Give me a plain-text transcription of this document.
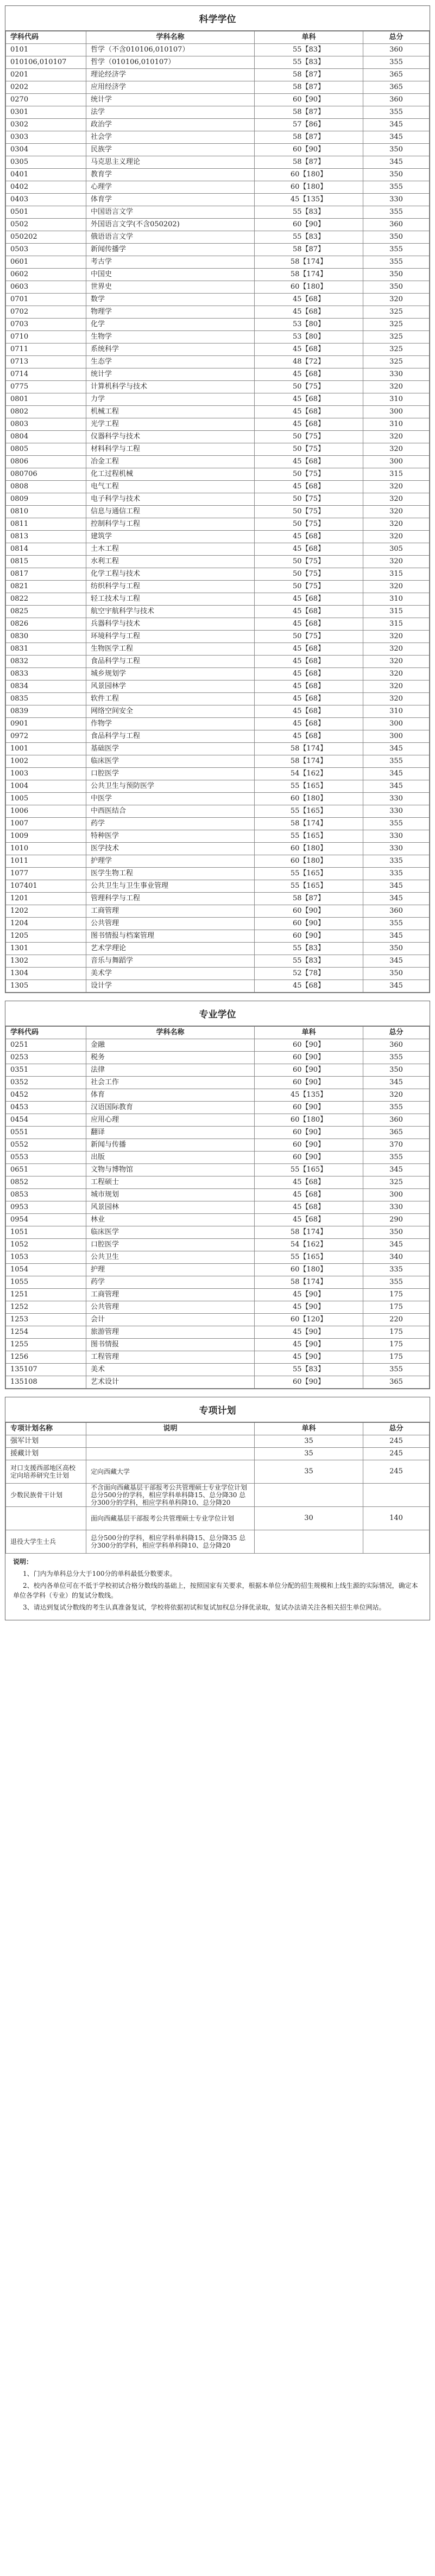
科学学位
学科代码	学科名称	单科	总分
0101	哲学（不含010106,010107）	55【83】	360
010106,010107	哲学（010106,010107）	55【83】	355
0201	理论经济学	58【87】	365
0202	应用经济学	58【87】	365
0270	统计学	60【90】	360
0301	法学	58【87】	355
0302	政治学	57【86】	345
0303	社会学	58【87】	345
0304	民族学	60【90】	350
0305	马克思主义理论	58【87】	345
0401	教育学	60【180】	350
0402	心理学	60【180】	355
0403	体育学	45【135】	330
0501	中国语言文学	55【83】	355
0502	外国语言文学(不含050202)	60【90】	360
050202	俄语语言文学	55【83】	350
0503	新闻传播学	58【87】	355
0601	考古学	58【174】	355
0602	中国史	58【174】	350
0603	世界史	60【180】	350
0701	数学	45【68】	320
0702	物理学	45【68】	325
0703	化学	53【80】	325
0710	生物学	53【80】	325
0711	系统科学	45【68】	325
0713	生态学	48【72】	325
0714	统计学	45【68】	330
0775	计算机科学与技术	50【75】	320
0801	力学	45【68】	310
0802	机械工程	45【68】	300
0803	光学工程	45【68】	310
0804	仪器科学与技术	50【75】	320
0805	材料科学与工程	50【75】	320
0806	冶金工程	45【68】	300
080706	化工过程机械	50【75】	315
0808	电气工程	45【68】	320
0809	电子科学与技术	50【75】	320
0810	信息与通信工程	50【75】	320
0811	控制科学与工程	50【75】	320
0813	建筑学	45【68】	320
0814	土木工程	45【68】	305
0815	水利工程	50【75】	320
0817	化学工程与技术	50【75】	315
0821	纺织科学与工程	50【75】	320
0822	轻工技术与工程	45【68】	310
0825	航空宇航科学与技术	45【68】	315
0826	兵器科学与技术	45【68】	315
0830	环境科学与工程	50【75】	320
0831	生物医学工程	45【68】	320
0832	食品科学与工程	45【68】	320
0833	城乡规划学	45【68】	320
0834	风景园林学	45【68】	320
0835	软件工程	45【68】	320
0839	网络空间安全	45【68】	310
0901	作物学	45【68】	300
0972	食品科学与工程	45【68】	300
1001	基础医学	58【174】	345
1002	临床医学	58【174】	355
1003	口腔医学	54【162】	345
1004	公共卫生与预防医学	55【165】	345
1005	中医学	60【180】	330
1006	中西医结合	55【165】	330
1007	药学	58【174】	355
1009	特种医学	55【165】	330
1010	医学技术	60【180】	330
1011	护理学	60【180】	335
1077	医学生物工程	55【165】	335
107401	公共卫生与卫生事业管理	55【165】	345
1201	管理科学与工程	58【87】	345
1202	工商管理	60【90】	360
1204	公共管理	60【90】	355
1205	图书情报与档案管理	60【90】	345
1301	艺术学理论	55【83】	350
1302	音乐与舞蹈学	55【83】	345
1304	美术学	52【78】	350
1305	设计学	45【68】	345
专业学位
学科代码	学科名称	单科	总分
0251	金融	60【90】	360
0253	税务	60【90】	355
0351	法律	60【90】	350
0352	社会工作	60【90】	345
0452	体育	45【135】	320
0453	汉语国际教育	60【90】	355
0454	应用心理	60【180】	360
0551	翻译	60【90】	365
0552	新闻与传播	60【90】	370
0553	出版	60【90】	355
0651	文物与博物馆	55【165】	345
0852	工程硕士	45【68】	325
0853	城市规划	45【68】	300
0953	风景园林	45【68】	330
0954	林业	45【68】	290
1051	临床医学	58【174】	350
1052	口腔医学	54【162】	345
1053	公共卫生	55【165】	340
1054	护理	60【180】	335
1055	药学	58【174】	355
1251	工商管理	45【90】	175
1252	公共管理	45【90】	175
1253	会计	60【120】	220
1254	旅游管理	45【90】	175
1255	图书情报	45【90】	175
1256	工程管理	45【90】	175
135107	美术	55【83】	355
135108	艺术设计	60【90】	365
专项计划
专项计划名称	说明	单科	总分
强军计划		35	245
援藏计划		35	245
对口支援西部地区高校定向培养研究生计划	定向西藏大学	35	245
少数民族骨干计划	不含面向西藏基层干部报考公共管理硕士专业学位计划 总分500分的学科，相应学科单科降15、总分降30 总分300分的学科，相应学科单科降10、总分降20		
	面向西藏基层干部报考公共管理硕士专业学位计划	30	140
退役大学生士兵	总分500分的学科，相应学科单科降15、总分降35 总分300分的学科，相应学科单科降10、总分降20		
说明：

1、门内为单科总分大于100分的单科最低分数要求。

2、校内各单位可在不低于学校初试合格分数线的基础上，按照国家有关要求，根据本单位分配的招生规模和上线生源的实际情况，确定本单位各学科（专业）的复试分数线。

3、请达到复试分数线的考生认真准备复试，学校将依据初试和复试加权总分择优录取，复试办法请关注各相关招生单位网站。
